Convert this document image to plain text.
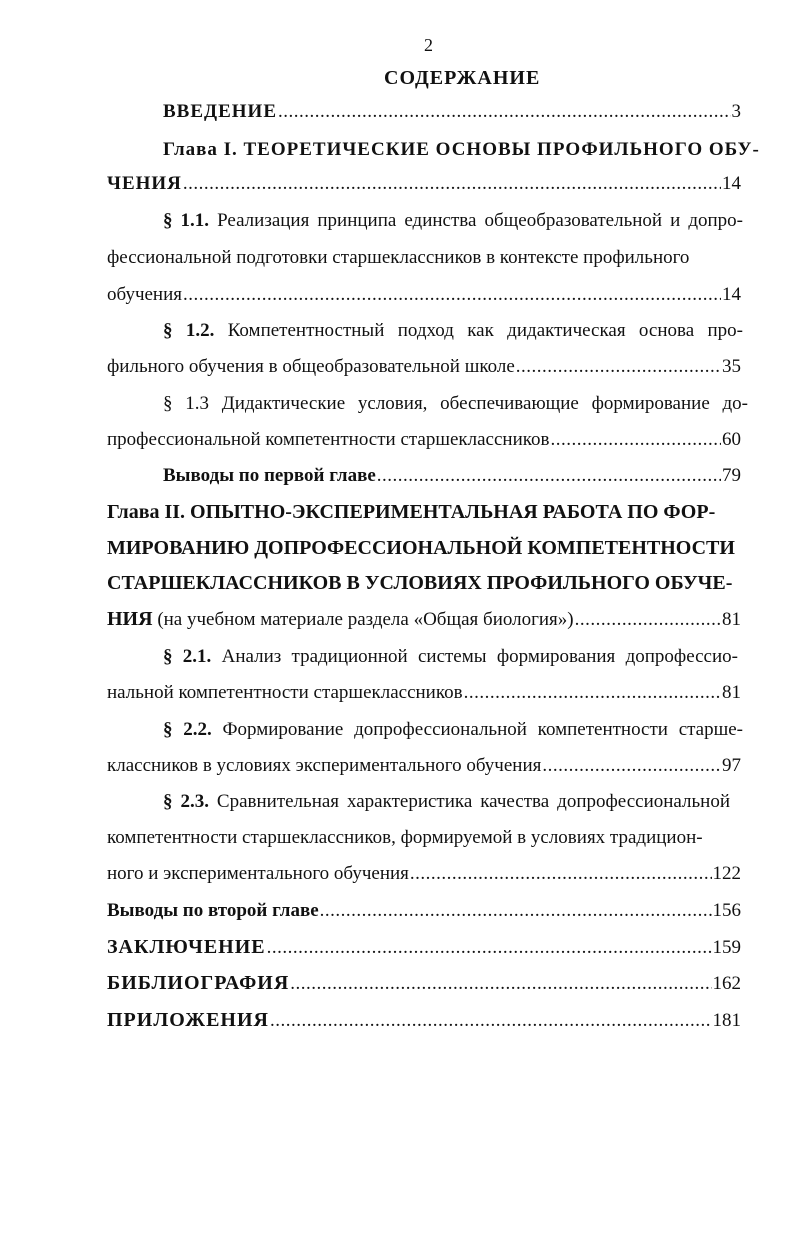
2
СОДЕРЖАНИЕ
ВВЕДЕНИЕ .....	3
Глава I. ТЕОРЕТИЧЕСКИЕ ОСНОВЫ ПРОФИЛЬНОГО ОБУ-
ЧЕНИЯ .....	14
§ 1.1. Реализация принципа единства общеобразовательной и допро-
фессиональной подготовки старшеклассников в контексте профильного
обучения .....	14
§ 1.2. Компетентностный подход как дидактическая основа про-
фильного обучения в общеобразовательной школе .....	35
§ 1.3 Дидактические условия, обеспечивающие формирование до-
профессиональной компетентности старшеклассников .....	60
Выводы по первой главе .....	79
Глава II. ОПЫТНО-ЭКСПЕРИМЕНТАЛЬНАЯ РАБОТА ПО ФОР-
МИРОВАНИЮ ДОПРОФЕССИОНАЛЬНОЙ КОМПЕТЕНТНОСТИ
СТАРШЕКЛАССНИКОВ В УСЛОВИЯХ ПРОФИЛЬНОГО ОБУЧЕ-
НИЯ (на учебном материале раздела «Общая биология») .....	81
§ 2.1. Анализ традиционной системы формирования допрофессио-
нальной компетентности старшеклассников .....	81
§ 2.2. Формирование допрофессиональной компетентности старше-
классников в условиях экспериментального обучения .....	97
§ 2.3. Сравнительная характеристика качества допрофессиональной
компетентности старшеклассников, формируемой в условиях традицион-
ного и экспериментального обучения .....	122
Выводы по второй главе .....	156
ЗАКЛЮЧЕНИЕ .....	159
БИБЛИОГРАФИЯ .....	162
ПРИЛОЖЕНИЯ .....	181
